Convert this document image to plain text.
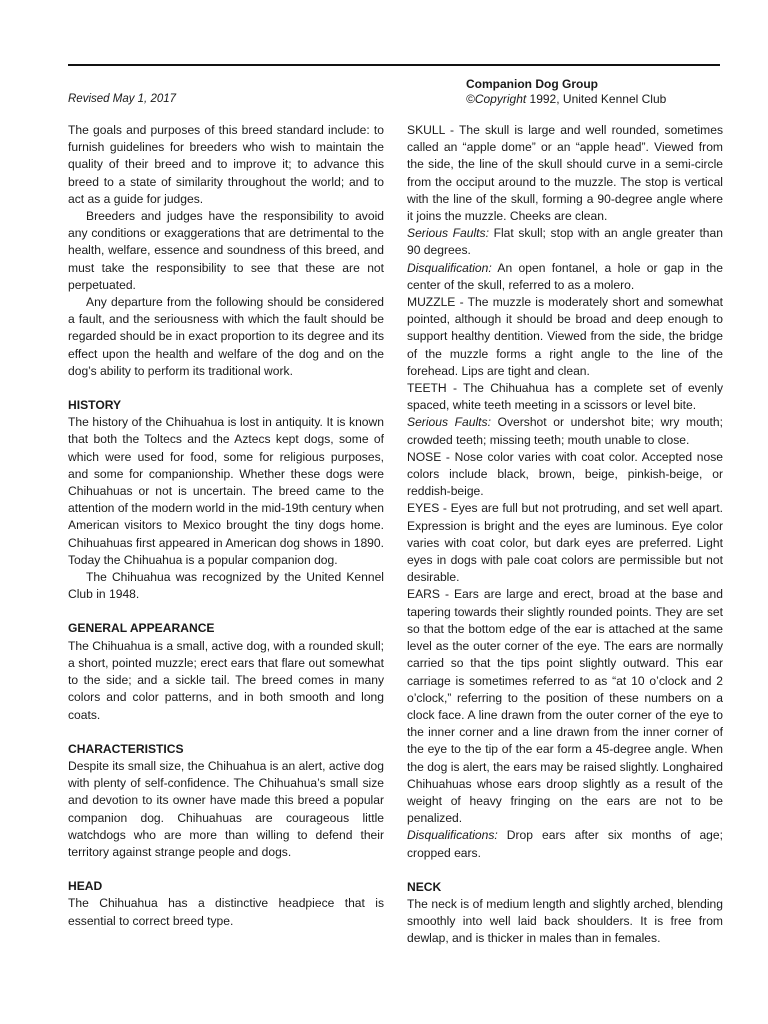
Revised May 1, 2017
Companion Dog Group
©Copyright 1992, United Kennel Club

The goals and purposes of this breed standard include: to furnish guidelines for breeders who wish to maintain the quality of their breed and to improve it; to advance this breed to a state of similarity throughout the world; and to act as a guide for judges.

Breeders and judges have the responsibility to avoid any conditions or exaggerations that are detrimental to the health, welfare, essence and soundness of this breed, and must take the responsibility to see that these are not perpetuated.

Any departure from the following should be considered a fault, and the seriousness with which the fault should be regarded should be in exact proportion to its degree and its effect upon the health and welfare of the dog and on the dog’s ability to perform its traditional work.

HISTORY

The history of the Chihuahua is lost in antiquity. It is known that both the Toltecs and the Aztecs kept dogs, some of which were used for food, some for religious purposes, and some for companionship. Whether these dogs were Chihuahuas or not is uncertain. The breed came to the attention of the modern world in the mid-19th century when American visitors to Mexico brought the tiny dogs home. Chihuahuas first appeared in American dog shows in 1890. Today the Chihuahua is a popular companion dog.

The Chihuahua was recognized by the United Kennel Club in 1948.

GENERAL APPEARANCE

The Chihuahua is a small, active dog, with a rounded skull; a short, pointed muzzle; erect ears that flare out somewhat to the side; and a sickle tail. The breed comes in many colors and color patterns, and in both smooth and long coats.

CHARACTERISTICS

Despite its small size, the Chihuahua is an alert, active dog with plenty of self-confidence. The Chihuahua’s small size and devotion to its owner have made this breed a popular companion dog. Chihuahuas are courageous little watchdogs who are more than willing to defend their territory against strange people and dogs.

HEAD

The Chihuahua has a distinctive headpiece that is essential to correct breed type.

SKULL - The skull is large and well rounded, sometimes called an “apple dome” or an “apple head”. Viewed from the side, the line of the skull should curve in a semi-circle from the occiput around to the muzzle. The stop is vertical with the line of the skull, forming a 90-degree angle where it joins the muzzle. Cheeks are clean.

Serious Faults: Flat skull; stop with an angle greater than 90 degrees.

Disqualification: An open fontanel, a hole or gap in the center of the skull, referred to as a molero.

MUZZLE - The muzzle is moderately short and somewhat pointed, although it should be broad and deep enough to support healthy dentition. Viewed from the side, the bridge of the muzzle forms a right angle to the line of the forehead. Lips are tight and clean.

TEETH - The Chihuahua has a complete set of evenly spaced, white teeth meeting in a scissors or level bite.

Serious Faults: Overshot or undershot bite; wry mouth; crowded teeth; missing teeth; mouth unable to close.

NOSE - Nose color varies with coat color. Accepted nose colors include black, brown, beige, pinkish-beige, or reddish-beige.

EYES - Eyes are full but not protruding, and set well apart. Expression is bright and the eyes are luminous. Eye color varies with coat color, but dark eyes are preferred. Light eyes in dogs with pale coat colors are permissible but not desirable.

EARS - Ears are large and erect, broad at the base and tapering towards their slightly rounded points. They are set so that the bottom edge of the ear is attached at the same level as the outer corner of the eye. The ears are normally carried so that the tips point slightly outward. This ear carriage is sometimes referred to as “at 10 o’clock and 2 o’clock,” referring to the position of these numbers on a clock face. A line drawn from the outer corner of the eye to the inner corner and a line drawn from the inner corner of the eye to the tip of the ear form a 45-degree angle. When the dog is alert, the ears may be raised slightly. Longhaired Chihuahuas whose ears droop slightly as a result of the weight of heavy fringing on the ears are not to be penalized.

Disqualifications: Drop ears after six months of age; cropped ears.

NECK

The neck is of medium length and slightly arched, blending smoothly into well laid back shoulders. It is free from dewlap, and is thicker in males than in females.
